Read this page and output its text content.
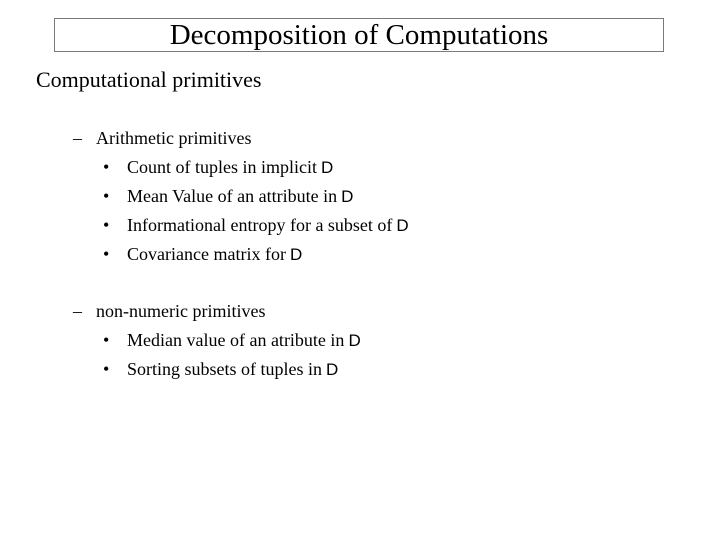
Decomposition of Computations
Computational primitives
– Arithmetic primitives
• Count of tuples in implicit D
• Mean Value of an attribute in D
• Informational entropy for a subset of D
• Covariance matrix for D
– non-numeric primitives
• Median value of an atribute in D
• Sorting subsets of tuples in D
